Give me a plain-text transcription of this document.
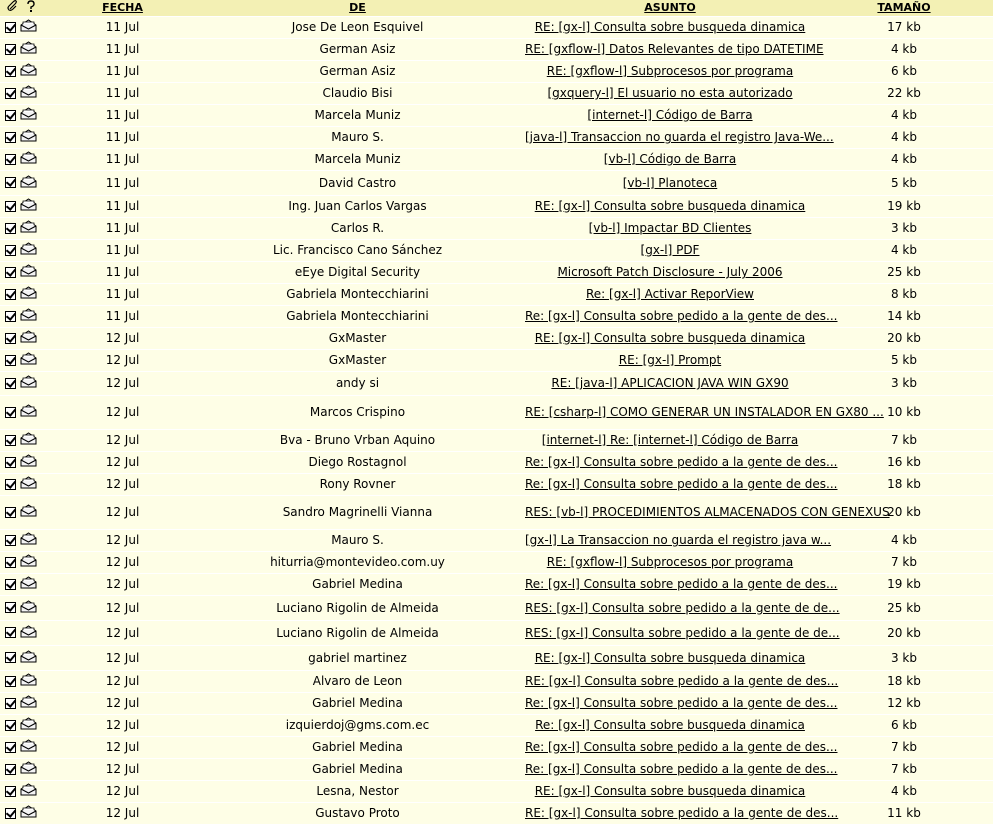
	FECHA	DE	ASUNTO	TAMAÑO
	11 Jul	Jose De Leon Esquivel	RE: [gx-l] Consulta sobre busqueda dinamica	17 kb
	11 Jul	German Asiz	RE: [gxflow-l] Datos Relevantes de tipo DATETIME	4 kb
	11 Jul	German Asiz	RE: [gxflow-l] Subprocesos por programa	6 kb
	11 Jul	Claudio Bisi	[gxquery-l] El usuario no esta autorizado	22 kb
	11 Jul	Marcela Muniz	[internet-l] Código de Barra	4 kb
	11 Jul	Mauro S.	[java-l] Transaccion no guarda el registro Java-We...	4 kb
	11 Jul	Marcela Muniz	[vb-l] Código de Barra	4 kb
	11 Jul	David Castro	[vb-l] Planoteca	5 kb
	11 Jul	Ing. Juan Carlos Vargas	RE: [gx-l] Consulta sobre busqueda dinamica	19 kb
	11 Jul	Carlos R.	[vb-l] Impactar BD Clientes	3 kb
	11 Jul	Lic. Francisco Cano Sánchez	[gx-l] PDF	4 kb
	11 Jul	eEye Digital Security	Microsoft Patch Disclosure - July 2006	25 kb
	11 Jul	Gabriela Montecchiarini	Re: [gx-l] Activar ReporView	8 kb
	11 Jul	Gabriela Montecchiarini	Re: [gx-l] Consulta sobre pedido a la gente de des...	14 kb
	12 Jul	GxMaster	RE: [gx-l] Consulta sobre busqueda dinamica	20 kb
	12 Jul	GxMaster	RE: [gx-l] Prompt	5 kb
	12 Jul	andy si	RE: [java-l] APLICACION JAVA WIN GX90	3 kb
	12 Jul	Marcos Crispino	RE: [csharp-l] COMO GENERAR UN INSTALADOR EN GX80 ...	10 kb
	12 Jul	Bva - Bruno Vrban Aquino	[internet-l] Re: [internet-l] Código de Barra	7 kb
	12 Jul	Diego Rostagnol	Re: [gx-l] Consulta sobre pedido a la gente de des...	16 kb
	12 Jul	Rony Rovner	Re: [gx-l] Consulta sobre pedido a la gente de des...	18 kb
	12 Jul	Sandro Magrinelli Vianna	RES: [vb-l] PROCEDIMIENTOS ALMACENADOS CON GENEXUS	20 kb
	12 Jul	Mauro S.	[gx-l] La Transaccion no guarda el registro java w...	4 kb
	12 Jul	hiturria@montevideo.com.uy	RE: [gxflow-l] Subprocesos por programa	7 kb
	12 Jul	Gabriel Medina	Re: [gx-l] Consulta sobre pedido a la gente de des...	19 kb
	12 Jul	Luciano Rigolin de Almeida	RES: [gx-l] Consulta sobre pedido a la gente de de...	25 kb
	12 Jul	Luciano Rigolin de Almeida	RES: [gx-l] Consulta sobre pedido a la gente de de...	20 kb
	12 Jul	gabriel martinez	RE: [gx-l] Consulta sobre busqueda dinamica	3 kb
	12 Jul	Alvaro de Leon	RE: [gx-l] Consulta sobre pedido a la gente de des...	18 kb
	12 Jul	Gabriel Medina	Re: [gx-l] Consulta sobre pedido a la gente de des...	12 kb
	12 Jul	izquierdoj@gms.com.ec	Re: [gx-l] Consulta sobre busqueda dinamica	6 kb
	12 Jul	Gabriel Medina	Re: [gx-l] Consulta sobre pedido a la gente de des...	7 kb
	12 Jul	Gabriel Medina	Re: [gx-l] Consulta sobre pedido a la gente de des...	7 kb
	12 Jul	Lesna, Nestor	RE: [gx-l] Consulta sobre busqueda dinamica	4 kb
	12 Jul	Gustavo Proto	RE: [gx-l] Consulta sobre pedido a la gente de des...	11 kb
